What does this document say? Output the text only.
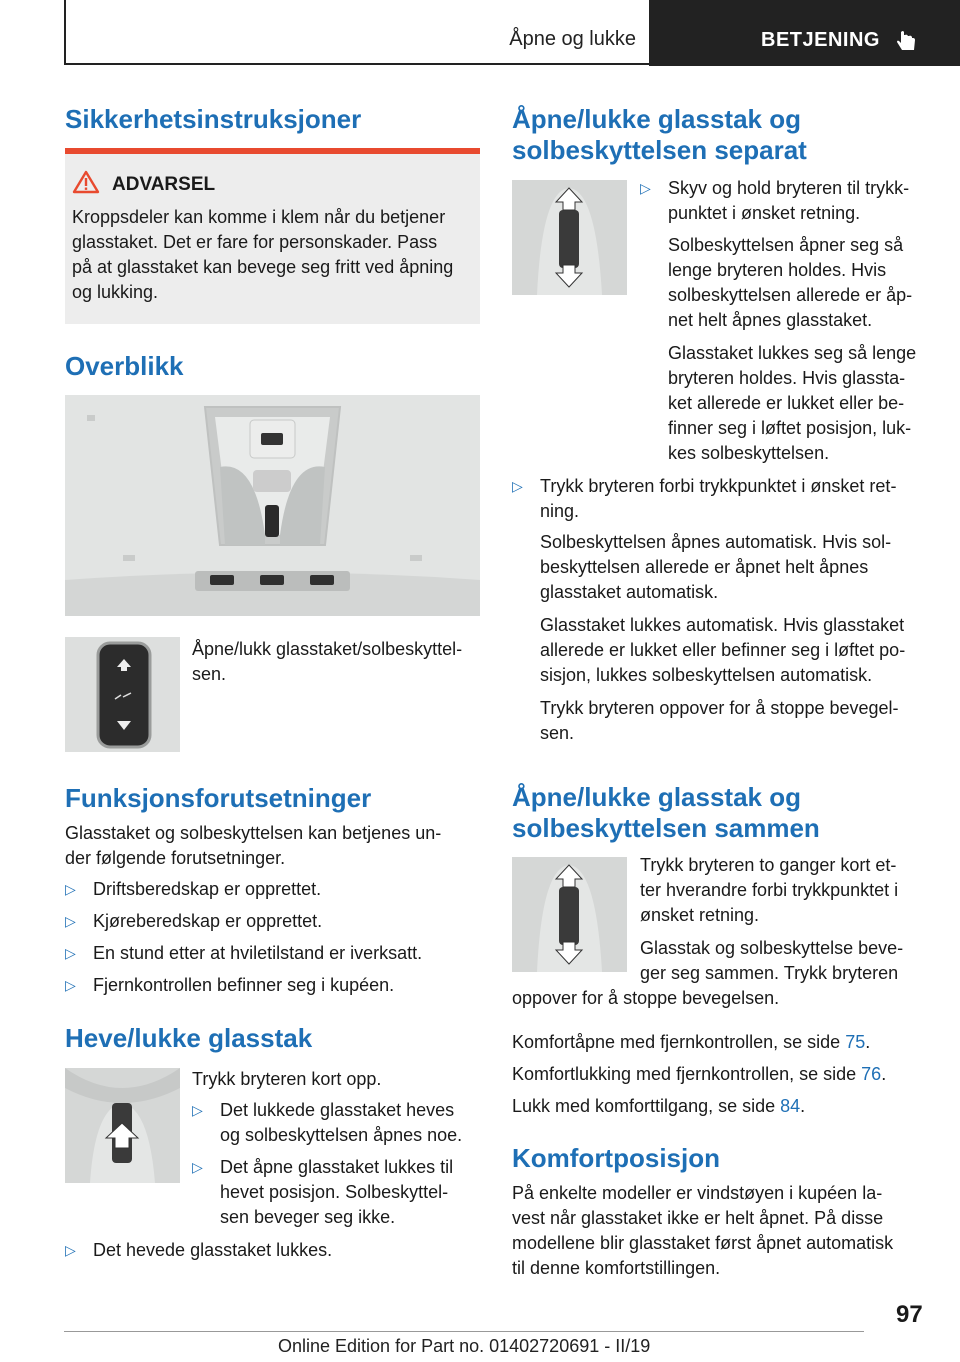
Åpne og lukke	BETJENING
Sikkerhetsinstruksjoner
ADVARSEL

Kroppsdeler kan komme i klem når du betjener

glasstaket. Det er fare for personskader. Pass

på at glasstaket kan bevege seg fritt ved åpning

og lukking.

Overblikk

Åpne/lukk glasstaket/solbeskyttel-

sen.

Funksjonsforutsetninger

Glasstaket og solbeskyttelsen kan betjenes un-

der følgende forutsetninger.

▷ Driftsberedskap er opprettet.
▷ Kjøreberedskap er opprettet.
▷ En stund etter at hviletilstand er iverksatt.
▷ Fjernkontrollen befinner seg i kupéen.
Heve/lukke glasstak

Trykk bryteren kort opp.

▷ Det lukkede glasstaket heves
og solbeskyttelsen åpnes noe.
▷ Det åpne glasstaket lukkes til
hevet posisjon. Solbeskyttel-
sen beveger seg ikke.
▷ Det hevede glasstaket lukkes.
Åpne/lukke glasstak og
solbeskyttelsen separat
▷ Skyv og hold bryteren til trykk-
punktet i ønsket retning.

Solbeskyttelsen åpner seg så

lenge bryteren holdes. Hvis

solbeskyttelsen allerede er åp-

net helt åpnes glasstaket.

Glasstaket lukkes seg så lenge

bryteren holdes. Hvis glassta-

ket allerede er lukket eller be-

finner seg i løftet posisjon, luk-

kes solbeskyttelsen.

▷ Trykk bryteren forbi trykkpunktet i ønsket ret-
ning.

Solbeskyttelsen åpnes automatisk. Hvis sol-

beskyttelsen allerede er åpnet helt åpnes

glasstaket automatisk.

Glasstaket lukkes automatisk. Hvis glasstaket

allerede er lukket eller befinner seg i løftet po-

sisjon, lukkes solbeskyttelsen automatisk.

Trykk bryteren oppover for å stoppe bevegel-

sen.

Åpne/lukke glasstak og
solbeskyttelsen sammen

Trykk bryteren to ganger kort et-

ter hverandre forbi trykkpunktet i

ønsket retning.

Glasstak og solbeskyttelse beve-

ger seg sammen. Trykk bryteren

oppover for å stoppe bevegelsen.

Komfortåpne med fjernkontrollen, se side 75.

Komfortlukking med fjernkontrollen, se side 76.

Lukk med komforttilgang, se side 84.

Komfortposisjon

På enkelte modeller er vindstøyen i kupéen la-

vest når glasstaket ikke er helt åpnet. På disse

modellene blir glasstaket først åpnet automatisk

til denne komfortstillingen.

97
Online Edition for Part no. 01402720691 - II/19
